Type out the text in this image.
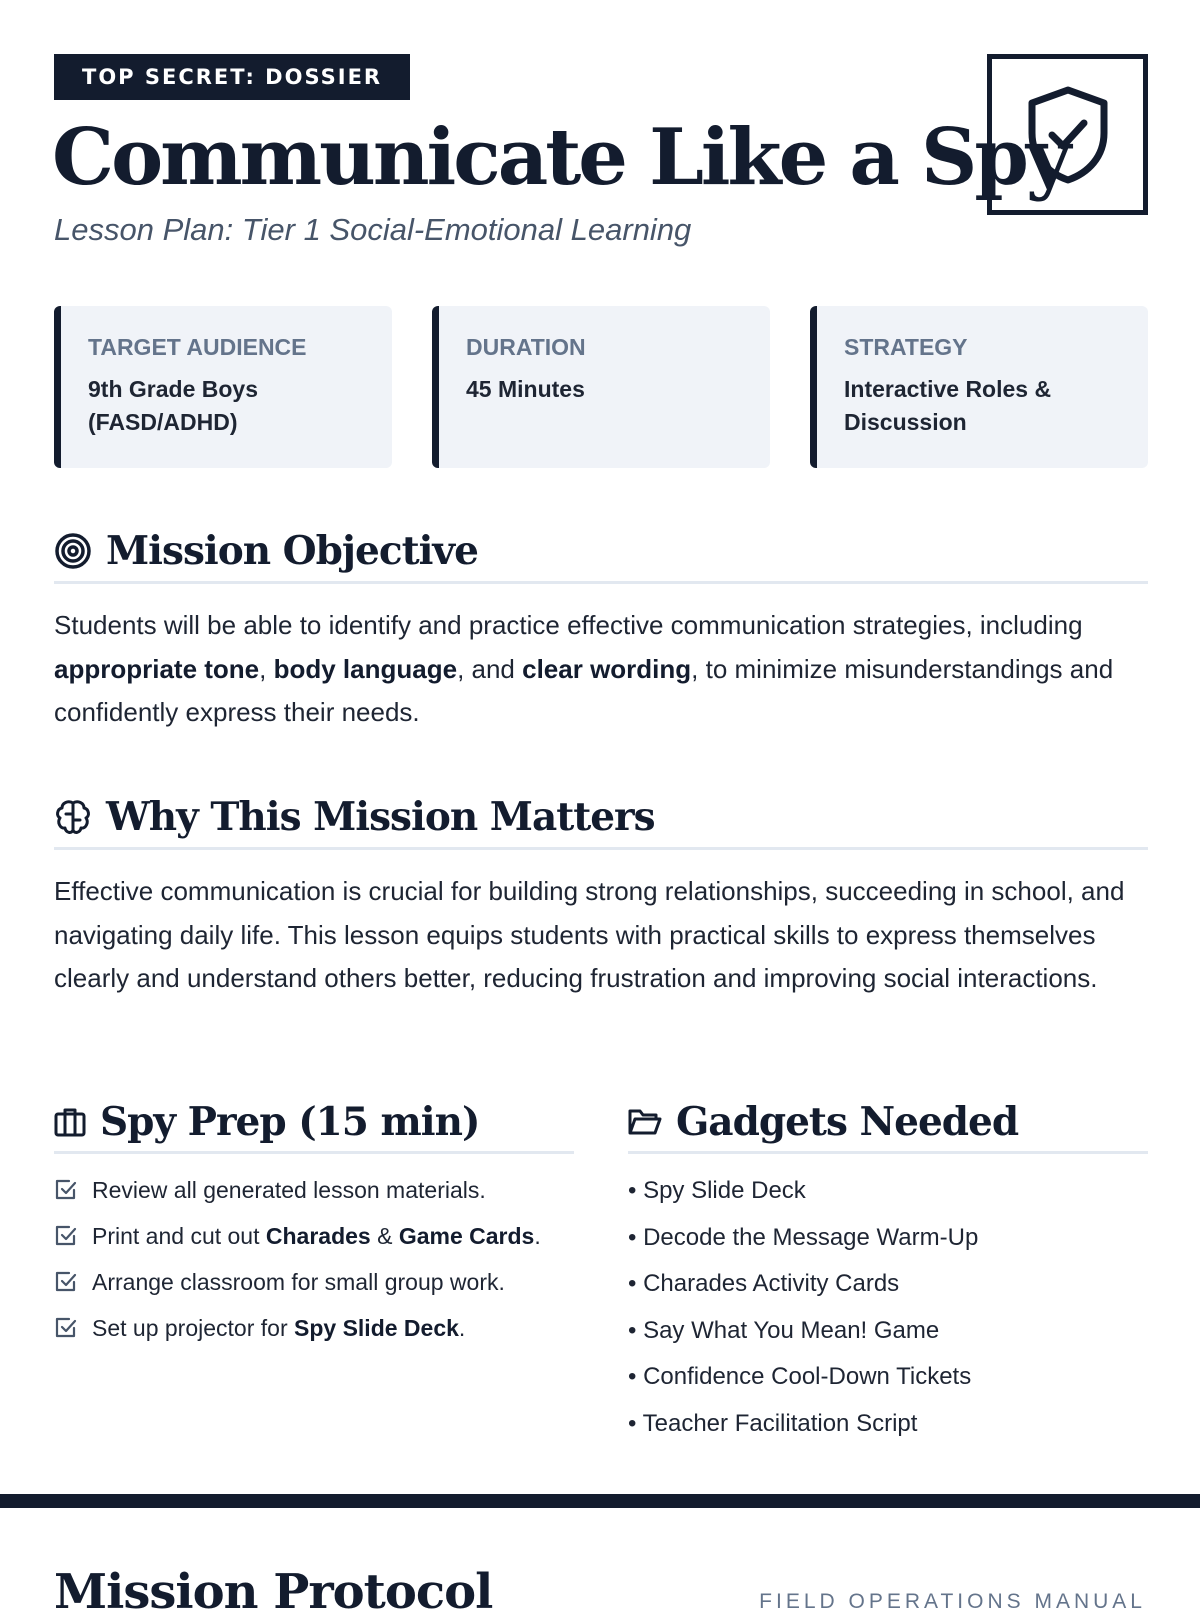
TOP SECRET: DOSSIER
Communicate Like a Spy
Lesson Plan: Tier 1 Social-Emotional Learning
TARGET AUDIENCE
9th Grade Boys (FASD/ADHD)
DURATION
45 Minutes
STRATEGY
Interactive Roles & Discussion
Mission Objective

Students will be able to identify and practice effective communication strategies, including appropriate tone, body language, and clear wording, to minimize misunderstandings and confidently express their needs.

Why This Mission Matters

Effective communication is crucial for building strong relationships, succeeding in school, and navigating daily life. This lesson equips students with practical skills to express themselves clearly and understand others better, reducing frustration and improving social interactions.

Spy Prep (15 min)
Review all generated lesson materials.
Print and cut out Charades & Game Cards.
Arrange classroom for small group work.
Set up projector for Spy Slide Deck.
Gadgets Needed
• Spy Slide Deck
• Decode the Message Warm-Up
• Charades Activity Cards
• Say What You Mean! Game
• Confidence Cool-Down Tickets
• Teacher Facilitation Script
Mission Protocol	FIELD OPERATIONS MANUAL
